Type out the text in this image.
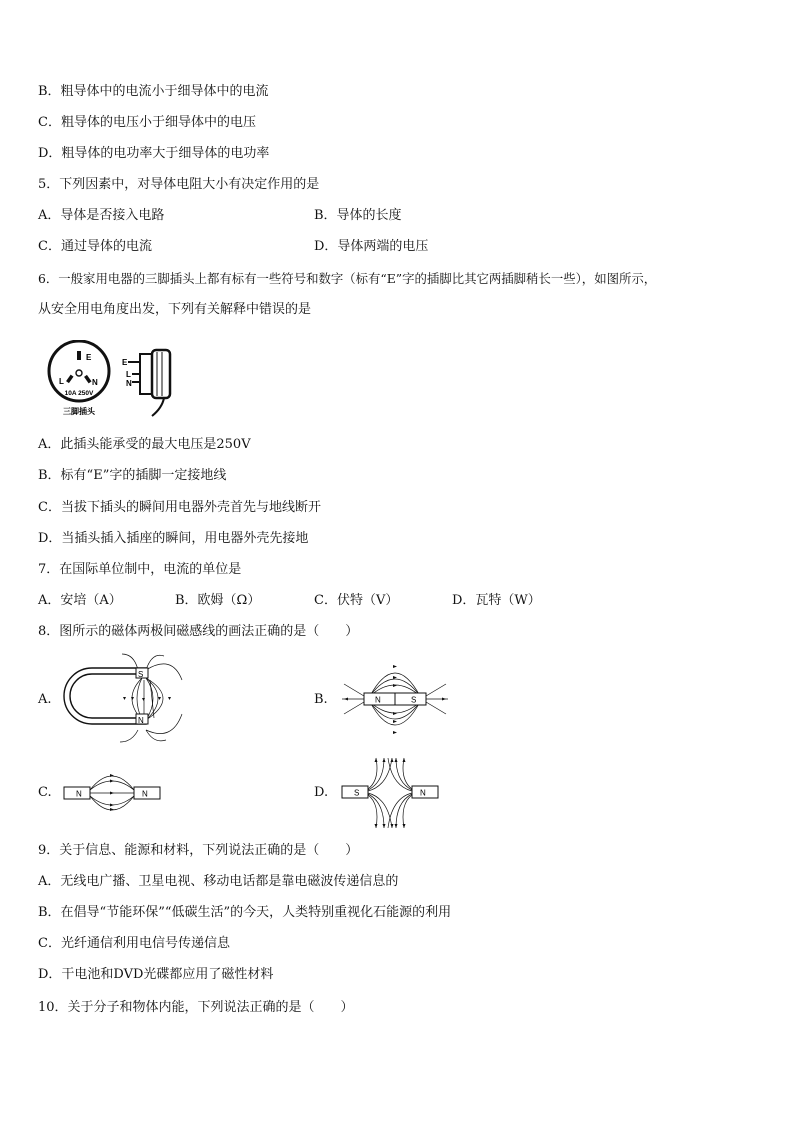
B．粗导体中的电流小于细导体中的电流
C．粗导体的电压小于细导体中的电压
D．粗导体的电功率大于细导体的电功率
5．下列因素中，对导体电阻大小有决定作用的是
A．导体是否接入电路	B．导体的长度
C．通过导体的电流	D．导体两端的电压
6．一般家用电器的三脚插头上都有标有一些符号和数字（标有“E”字的插脚比其它两插脚稍长一些），如图所示，
从安全用电角度出发，下列有关解释中错误的是
E
L	N
10A 250V
三脚插头
E
L
N
A．此插头能承受的最大电压是250V
B．标有“E”字的插脚一定接地线
C．当拔下插头的瞬间用电器外壳首先与地线断开
D．当插头插入插座的瞬间，用电器外壳先接地
7．在国际单位制中，电流的单位是
A．安培（A）	B．欧姆（Ω）	C．伏特（V）	D．瓦特（W）
8．图所示的磁体两极间磁感线的画法正确的是（　　）
A.
S
N
B.	N	S
C.	N	N	D.	S	N
9．关于信息、能源和材料，下列说法正确的是（　　）
A．无线电广播、卫星电视、移动电话都是靠电磁波传递信息的
B．在倡导“节能环保”“低碳生活”的今天，人类特别重视化石能源的利用
C．光纤通信利用电信号传递信息
D．干电池和DVD光碟都应用了磁性材料
10．关于分子和物体内能，下列说法正确的是（　　）
